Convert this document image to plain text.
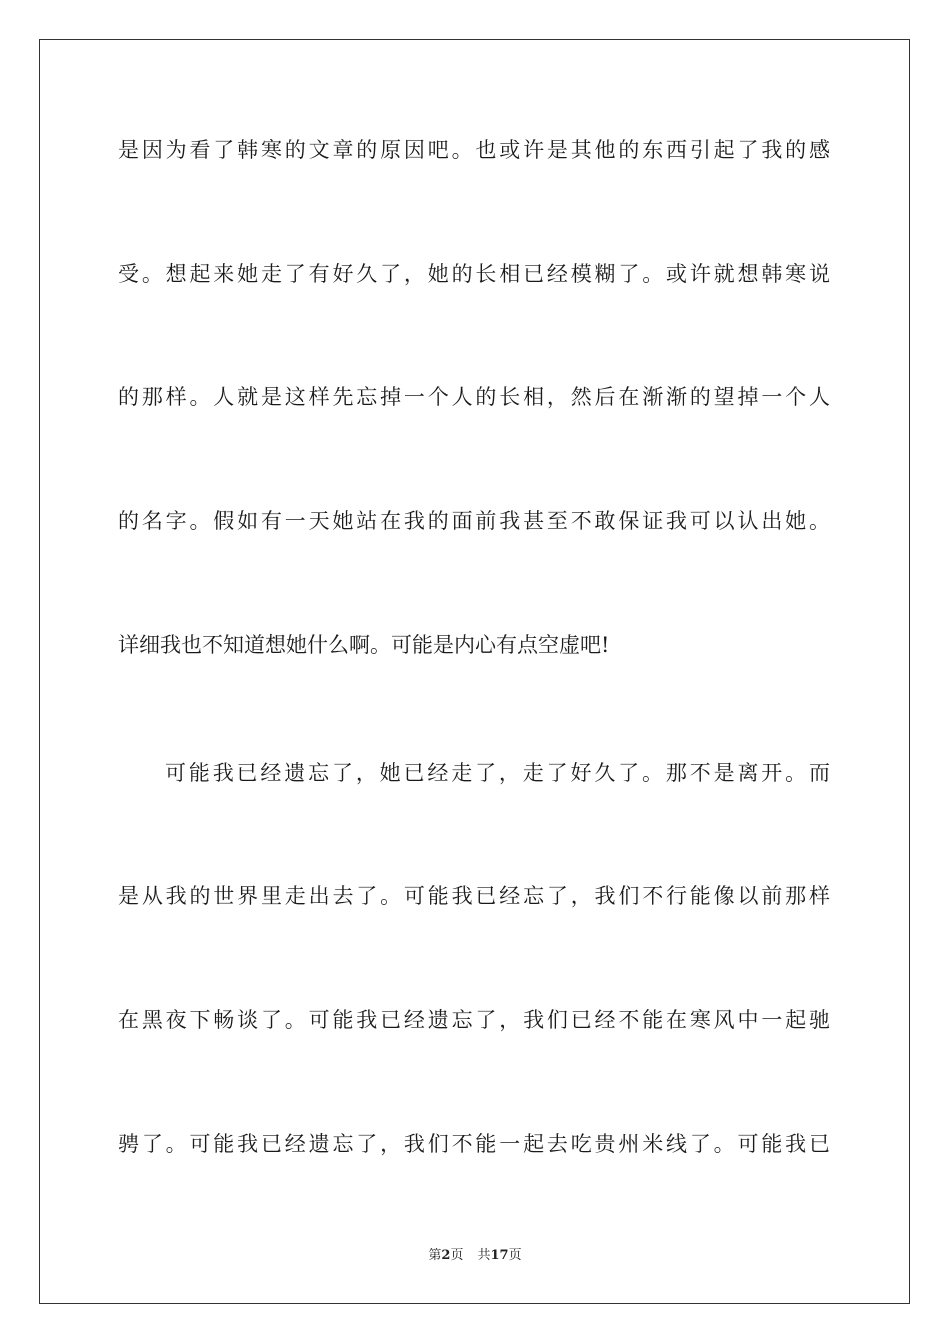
是因为看了韩寒的文章的原因吧。也或许是其他的东西引起了我的感
受。想起来她走了有好久了，她的长相已经模糊了。或许就想韩寒说
的那样。人就是这样先忘掉一个人的长相，然后在渐渐的望掉一个人
的名字。假如有一天她站在我的面前我甚至不敢保证我可以认出她。
详细我也不知道想她什么啊。可能是内心有点空虚吧!
可能我已经遗忘了，她已经走了，走了好久了。那不是离开。而
是从我的世界里走出去了。可能我已经忘了，我们不行能像以前那样
在黑夜下畅谈了。可能我已经遗忘了，我们已经不能在寒风中一起驰
骋了。可能我已经遗忘了，我们不能一起去吃贵州米线了。可能我已
第2页 共17页
